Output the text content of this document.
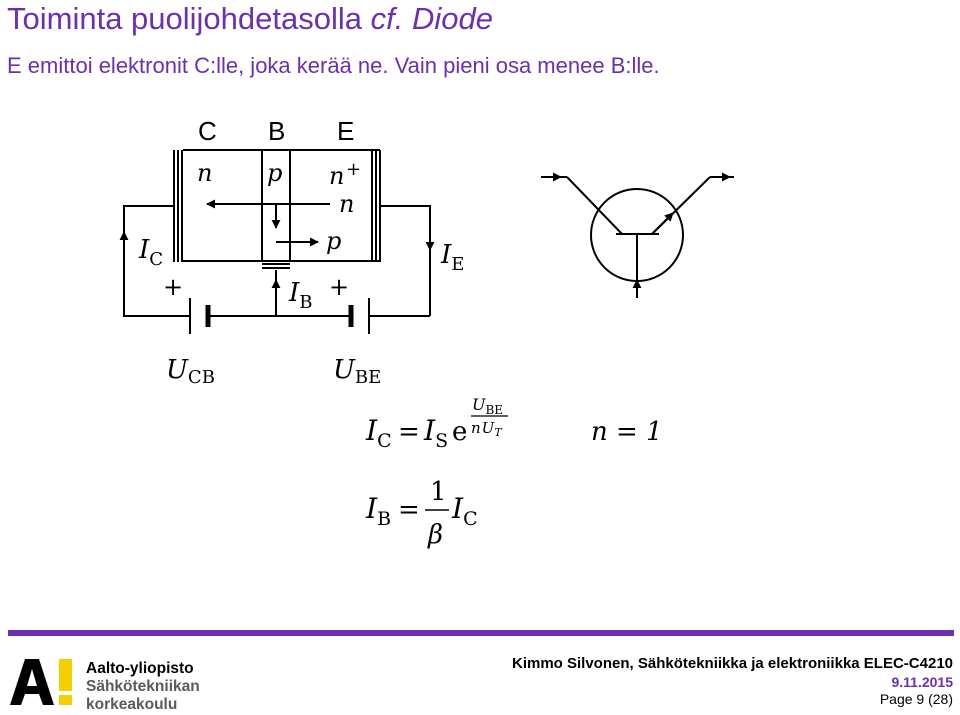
Toiminta puolijohdetasolla cf. Diode
E emittoi elektronit C:lle, joka kerää ne. Vain pieni osa menee B:lle.
C B E
n p n +
n
p
$I_C$	$I_E$
$I_B$
+	+
UCB	UBE
$I_C = I_S$ e
$U_{BE}$
$nU_T$	n = 1
$I_B$ =
1
β
$I_C$
Aalto-yliopisto
Sähkötekniikan
korkeakoulu
Kimmo Silvonen, Sähkötekniikka ja elektroniikka ELEC-C4210
9.11.2015
Page 9 (28)
